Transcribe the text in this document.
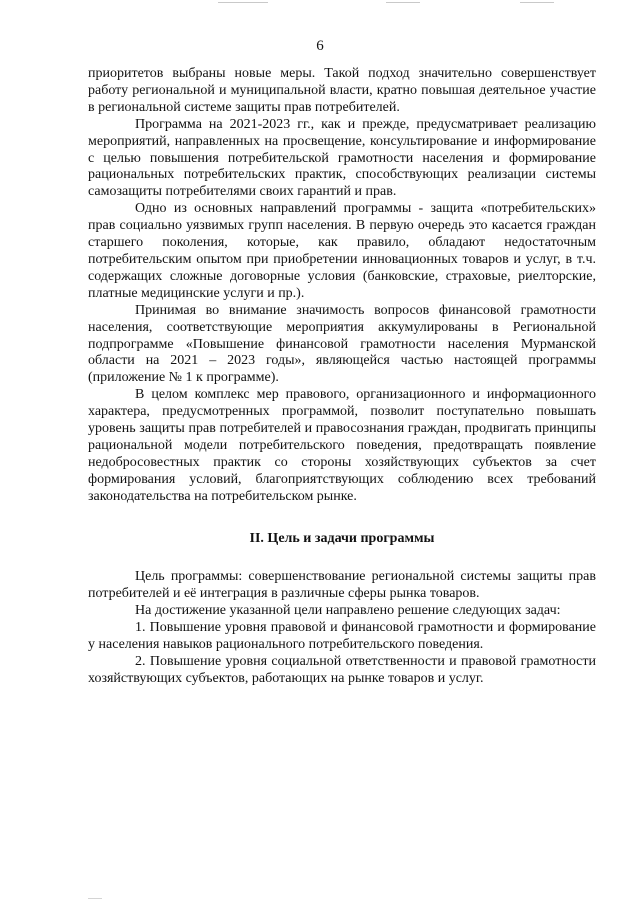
6

приоритетов выбраны новые меры. Такой подход значительно совершенствует работу региональной и муниципальной власти, кратно повышая деятельное участие в региональной системе защиты прав потребителей.

Программа на 2021-2023 гг., как и прежде, предусматривает реализацию мероприятий, направленных на просвещение, консультирование и информирование с целью повышения потребительской грамотности населения и формирование рациональных потребительских практик, способствующих реализации системы самозащиты потребителями своих гарантий и прав.

Одно из основных направлений программы - защита «потребительских» прав социально уязвимых групп населения. В первую очередь это касается граждан старшего поколения, которые, как правило, обладают недостаточным потребительским опытом при приобретении инновационных товаров и услуг, в т.ч. содержащих сложные договорные условия (банковские, страховые, риелторские, платные медицинские услуги и пр.).

Принимая во внимание значимость вопросов финансовой грамотности населения, соответствующие мероприятия аккумулированы в Региональной подпрограмме «Повышение финансовой грамотности населения Мурманской области на 2021 – 2023 годы», являющейся частью настоящей программы (приложение № 1 к программе).

В целом комплекс мер правового, организационного и информационного характера, предусмотренных программой, позволит поступательно повышать уровень защиты прав потребителей и правосознания граждан, продвигать принципы рациональной модели потребительского поведения, предотвращать появление недобросовестных практик со стороны хозяйствующих субъектов за счет формирования условий, благоприятствующих соблюдению всех требований законодательства на потребительском рынке.

II. Цель и задачи программы

Цель программы: совершенствование региональной системы защиты прав потребителей и её интеграция в различные сферы рынка товаров.

На достижение указанной цели направлено решение следующих задач:

1. Повышение уровня правовой и финансовой грамотности и формирование у населения навыков рационального потребительского поведения.

2. Повышение уровня социальной ответственности и правовой грамотности хозяйствующих субъектов, работающих на рынке товаров и услуг.
